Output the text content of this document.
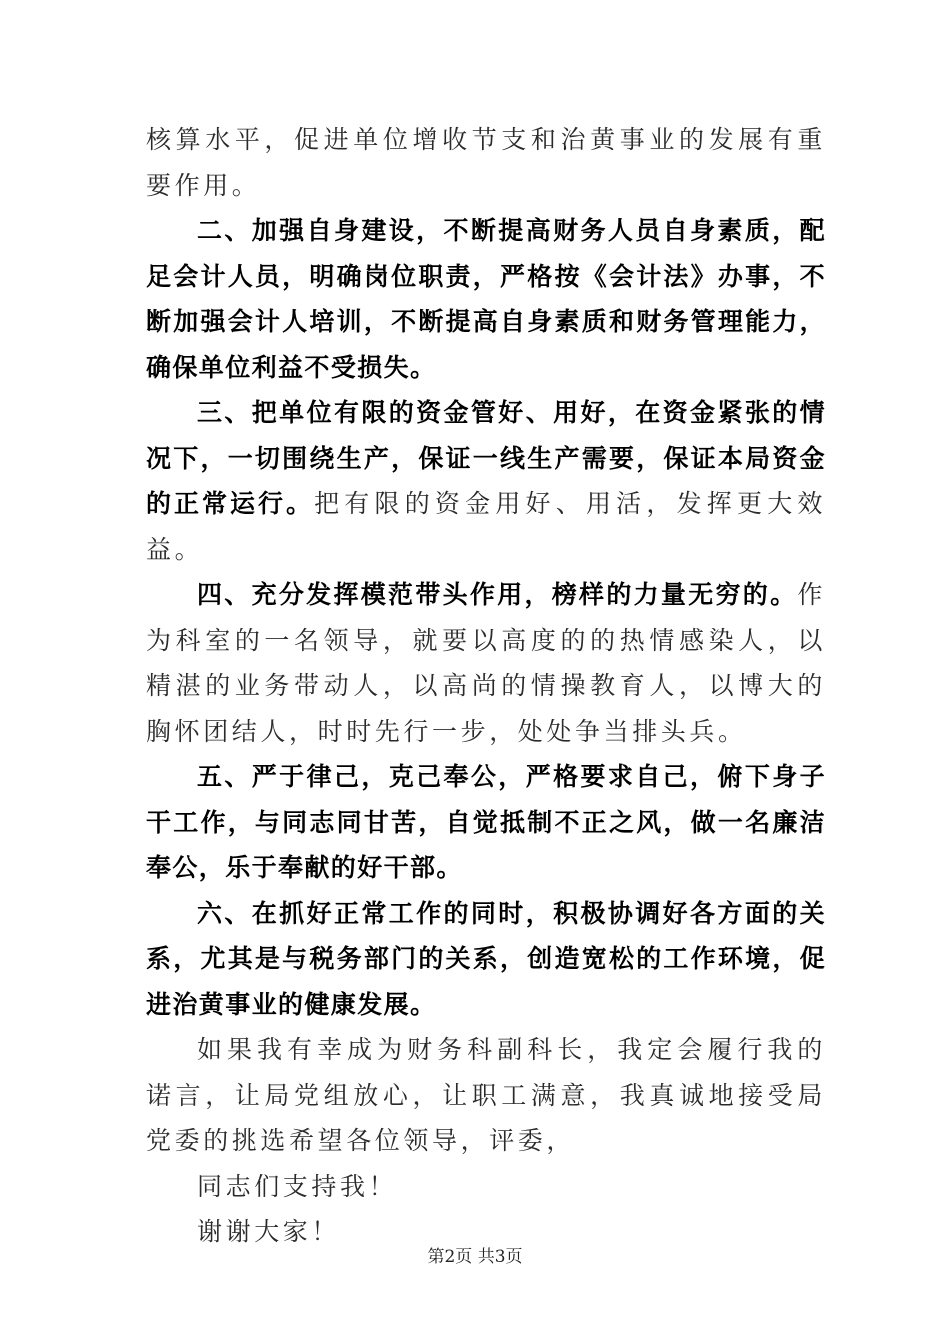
核算水平，促进单位增收节支和治黄事业的发展有重要作用。

二、加强自身建设，不断提高财务人员自身素质，配足会计人员，明确岗位职责，严格按《会计法》办事，不断加强会计人培训，不断提高自身素质和财务管理能力，确保单位利益不受损失。

三、把单位有限的资金管好、用好，在资金紧张的情况下，一切围绕生产，保证一线生产需要，保证本局资金的正常运行。把有限的资金用好、用活，发挥更大效益。

四、充分发挥模范带头作用，榜样的力量无穷的。作为科室的一名领导，就要以高度的的热情感染人，以精湛的业务带动人，以高尚的情操教育人，以博大的胸怀团结人，时时先行一步，处处争当排头兵。

五、严于律己，克己奉公，严格要求自己，俯下身子干工作，与同志同甘苦，自觉抵制不正之风，做一名廉洁奉公，乐于奉献的好干部。

六、在抓好正常工作的同时，积极协调好各方面的关系，尤其是与税务部门的关系，创造宽松的工作环境，促进治黄事业的健康发展。

如果我有幸成为财务科副科长，我定会履行我的诺言，让局党组放心，让职工满意，我真诚地接受局党委的挑选希望各位领导，评委，

同志们支持我！
谢谢大家！
第2页 共3页
